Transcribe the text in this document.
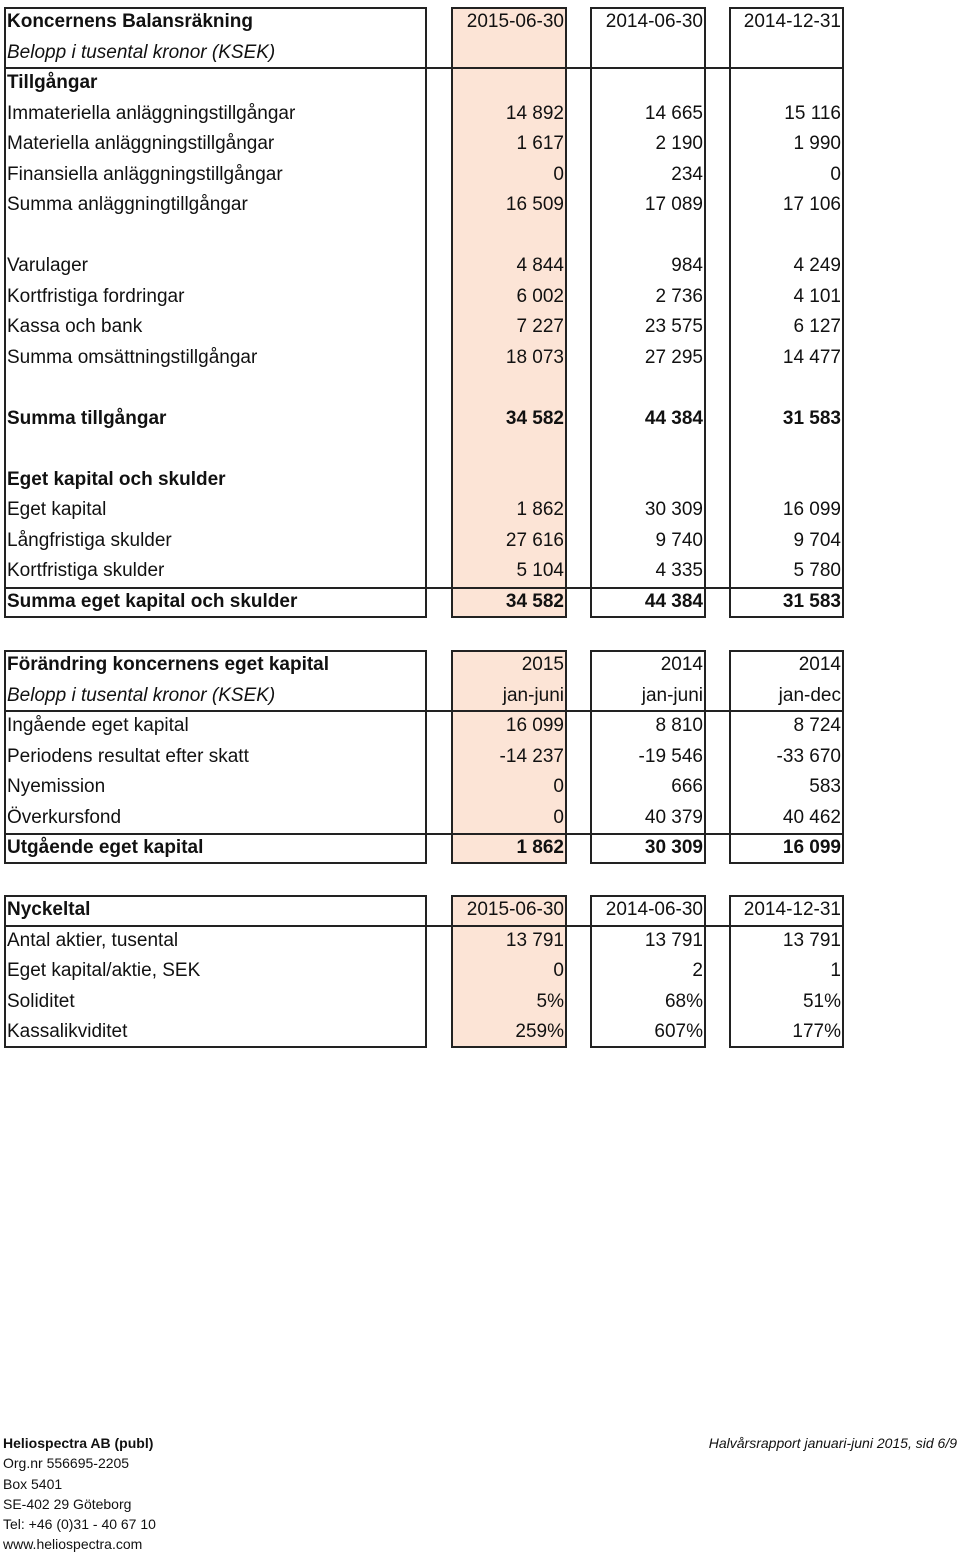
Koncernens Balansräkning	2015-06-30	2014-06-30	2014-12-31
Belopp i tusental kronor (KSEK)
Tillgångar
Immateriella anläggningstillgångar	14 892	14 665	15 116
Materiella anläggningstillgångar	1 617	2 190	1 990
Finansiella anläggningstillgångar	0	234	0
Summa anläggningtillgångar	16 509	17 089	17 106
Varulager	4 844	984	4 249
Kortfristiga fordringar	6 002	2 736	4 101
Kassa och bank	7 227	23 575	6 127
Summa omsättningstillgångar	18 073	27 295	14 477
Summa tillgångar	34 582	44 384	31 583
Eget kapital och skulder
Eget kapital	1 862	30 309	16 099
Långfristiga skulder	27 616	9 740	9 704
Kortfristiga skulder	5 104	4 335	5 780
Summa eget kapital och skulder	34 582	44 384	31 583
Förändring koncernens eget kapital	2015	2014	2014
Belopp i tusental kronor (KSEK)	jan-juni	jan-juni	jan-dec
Ingående eget kapital	16 099	8 810	8 724
Periodens resultat efter skatt	-14 237	-19 546	-33 670
Nyemission	0	666	583
Överkursfond	0	40 379	40 462
Utgående eget kapital	1 862	30 309	16 099
Nyckeltal	2015-06-30	2014-06-30	2014-12-31
Antal aktier, tusental	13 791	13 791	13 791
Eget kapital/aktie, SEK	0	2	1
Soliditet	5%	68%	51%
Kassalikviditet	259%	607%	177%
Heliospectra AB (publ)
Org.nr 556695-2205
Box 5401
SE-402 29 Göteborg
Tel: +46 (0)31 - 40 67 10
www.heliospectra.com
Halvårsrapport januari-juni 2015, sid 6/9
